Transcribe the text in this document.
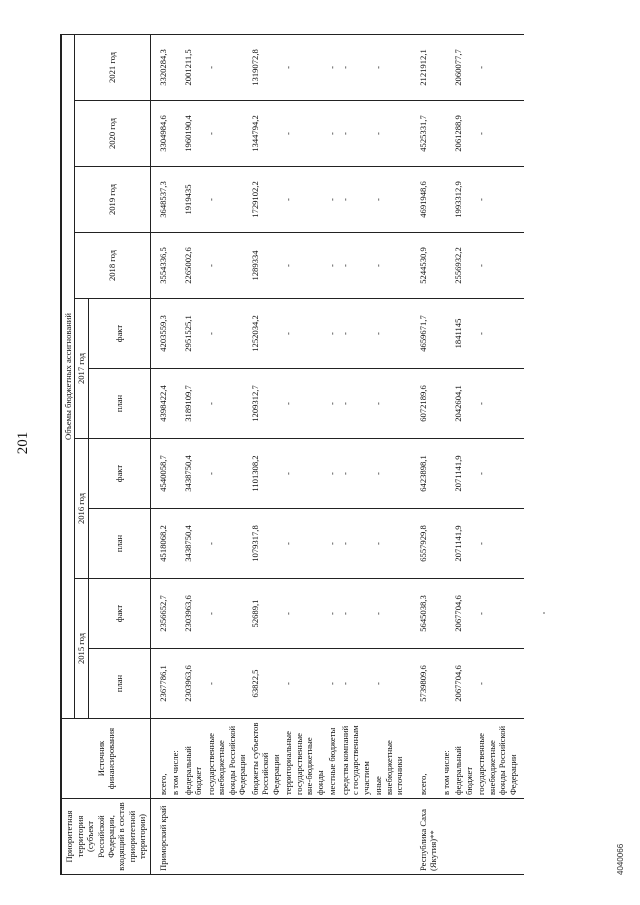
201
Приоритетная территория (субъект Российской Федерации, входящий в состав приоритетной территории)	Источник финансирования	Объемы бюджетных ассигнований									
		2015 год		2016 год		2017 год		2018 год	2019 год	2020 год	2021 год
		план	факт	план	факт	план	факт				
Приморский край	всего,	2367786,1	2356652,7	4518068,2	4540058,7	4398422,4	4203559,3	3554336,5	3648537,3	3304984,6	3320284,3
	в том числе:										
	федеральный бюджет	2303963,6	2303963,6	3438750,4	3438750,4	3189109,7	2951525,1	2265002,6	1919435	1960190,4	2001211,5
	государственные внебюджетные фонды Российской Федерации	-	-	-	-	-	-	-	-	-	-
	бюджеты субъектов Российской Федерации	63822,5	52689,1	1079317,8	1101308,2	1209312,7	1252034,2	1289334	1729102,2	1344794,2	1319072,8
	территориальные государственные вне-бюджетные фонды	-	-	-	-	-	-	-	-	-	-
	местные бюджеты	-	-	-	-	-	-	-	-	-	-
	средства компаний с государственным участием	-	-	-	-	-	-	-	-	-	-
	иные внебюджетные источники	-	-	-	-	-	-	-	-	-	-
Республика Саха (Якутия)**	всего,	5739809,6	5645038,3	6557929,8	6423898,1	6072189,6	4659671,7	5244530,9	4691948,6	4525331,7	2121912,1
	в том числе:										
	федеральный бюджет	2067704,6	2067704,6	2071141,9	2071141,9	2042604,1	1841145	2556932,2	1993312,9	2061288,9	2060077,7
	государственные внебюджетные фонды Российской Федерации	-	-	-	-	-	-	-	-	-	-
4040066
